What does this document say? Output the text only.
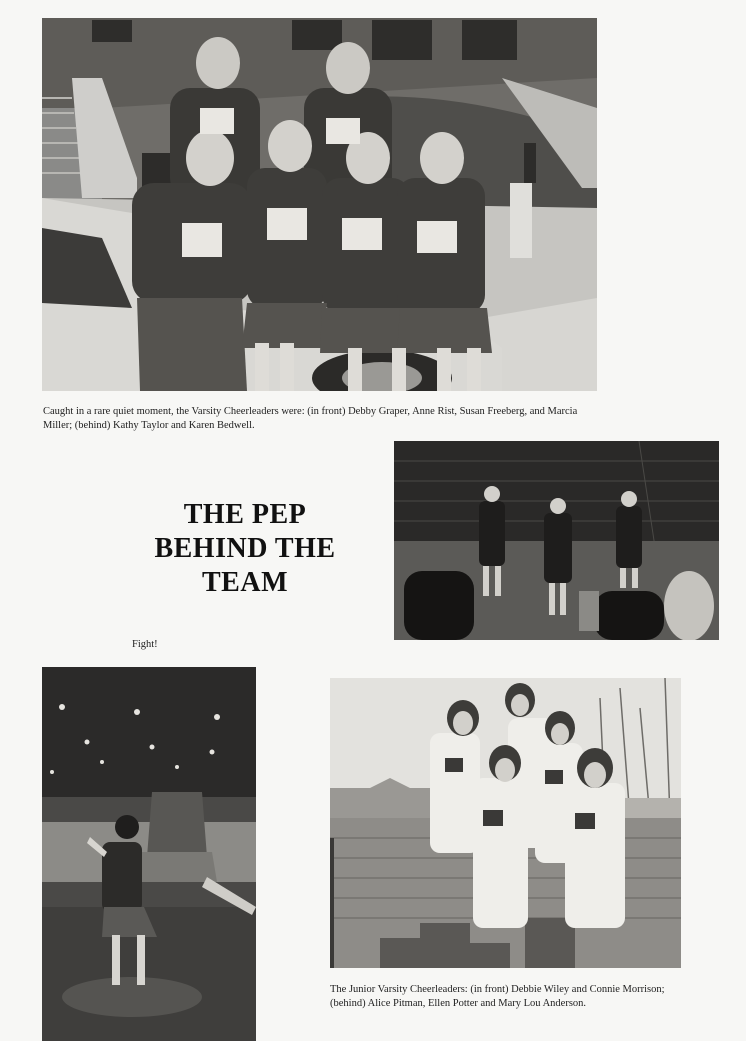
Caught in a rare quiet moment, the Varsity Cheerleaders were: (in front) Debby Graper, Anne Rist, Susan Freeberg, and Marcia Miller; (behind) Kathy Taylor and Karen Bedwell.

THE PEP
BEHIND THE
TEAM
Fight!

The Junior Varsity Cheerleaders: (in front) Debbie Wiley and Connie Morrison; (behind) Alice Pitman, Ellen Potter and Mary Lou Anderson.
